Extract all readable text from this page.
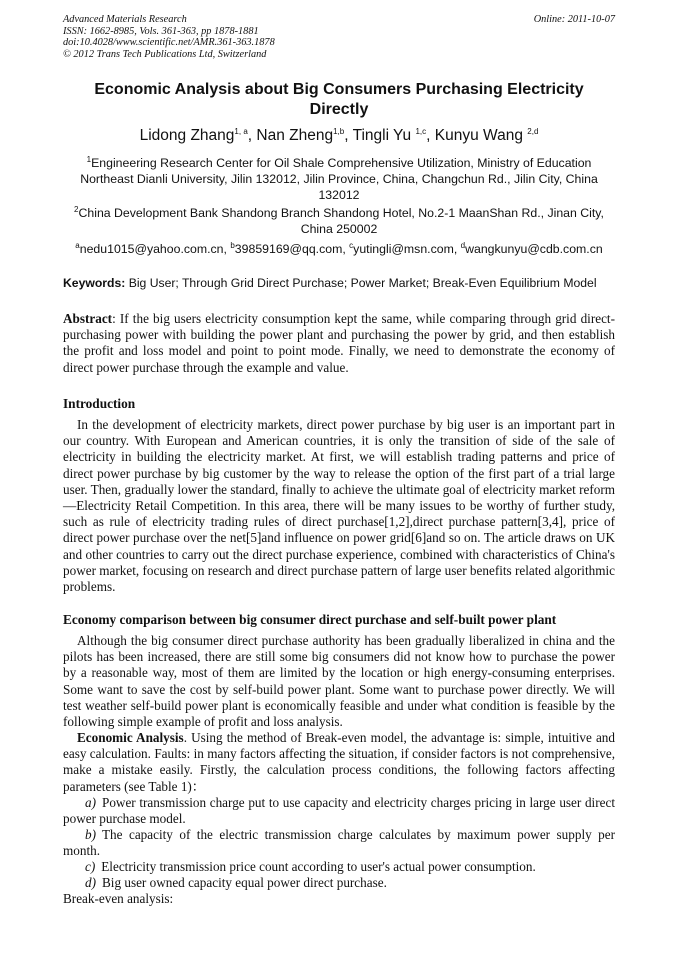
Advanced Materials Research
ISSN: 1662-8985, Vols. 361-363, pp 1878-1881
doi:10.4028/www.scientific.net/AMR.361-363.1878
© 2012 Trans Tech Publications Ltd, Switzerland
Online: 2011-10-07
Economic Analysis about Big Consumers Purchasing Electricity Directly
Lidong Zhang$^{1, a}$, Nan Zheng$^{1,b}$, Tingli Yu $^{1,c}$, Kunyu Wang $^{2,d}$
$^1$Engineering Research Center for Oil Shale Comprehensive Utilization, Ministry of Education Northeast Dianli University, Jilin 132012, Jilin Province, China, Changchun Rd., Jilin City, China 132012
$^2$China Development Bank Shandong Branch Shandong Hotel, No.2-1 MaanShan Rd., Jinan City, China 250002
$^a$nedu1015@yahoo.com.cn, $^b$39859169@qq.com, $^c$yutingli@msn.com, $^d$wangkunyu@cdb.com.cn
Keywords: Big User; Through Grid Direct Purchase; Power Market; Break-Even Equilibrium Model
Abstract: If the big users electricity consumption kept the same, while comparing through grid direct-purchasing power with building the power plant and purchasing the power by grid, and then establish the profit and loss model and point to point mode. Finally, we need to demonstrate the economy of direct power purchase through the example and value.
Introduction
In the development of electricity markets, direct power purchase by big user is an important part in our country. With European and American countries, it is only the transition of side of the sale of electricity in building the electricity market. At first, we will establish trading patterns and price of direct power purchase by big customer by the way to release the option of the first part of a trial large user. Then, gradually lower the standard, finally to achieve the ultimate goal of electricity market reform—Electricity Retail Competition. In this area, there will be many issues to be worthy of further study, such as rule of electricity trading rules of direct purchase[1,2],direct purchase pattern[3,4], price of direct power purchase over the net[5]and influence on power grid[6]and so on. The article draws on UK and other countries to carry out the direct purchase experience, combined with characteristics of China's power market, focusing on research and direct purchase pattern of large user benefits related algorithmic problems.
Economy comparison between big consumer direct purchase and self-built power plant
Although the big consumer direct purchase authority has been gradually liberalized in china and the pilots has been increased, there are still some big consumers did not know how to purchase the power by a reasonable way, most of them are limited by the location or high energy-consuming enterprises. Some want to save the cost by self-build power plant. Some want to purchase power directly. We will test weather self-build power plant is economically feasible and under what condition is feasible by the following simple example of profit and loss analysis.
Economic Analysis. Using the method of Break-even model, the advantage is: simple, intuitive and easy calculation. Faults: in many factors affecting the situation, if consider factors is not comprehensive, make a mistake easily. Firstly, the calculation process conditions, the following factors affecting parameters (see Table 1)：
a) Power transmission charge put to use capacity and electricity charges pricing in large user direct power purchase model.
b) The capacity of the electric transmission charge calculates by maximum power supply per month.
c) Electricity transmission price count according to user's actual power consumption.
d) Big user owned capacity equal power direct purchase.
Break-even analysis:
